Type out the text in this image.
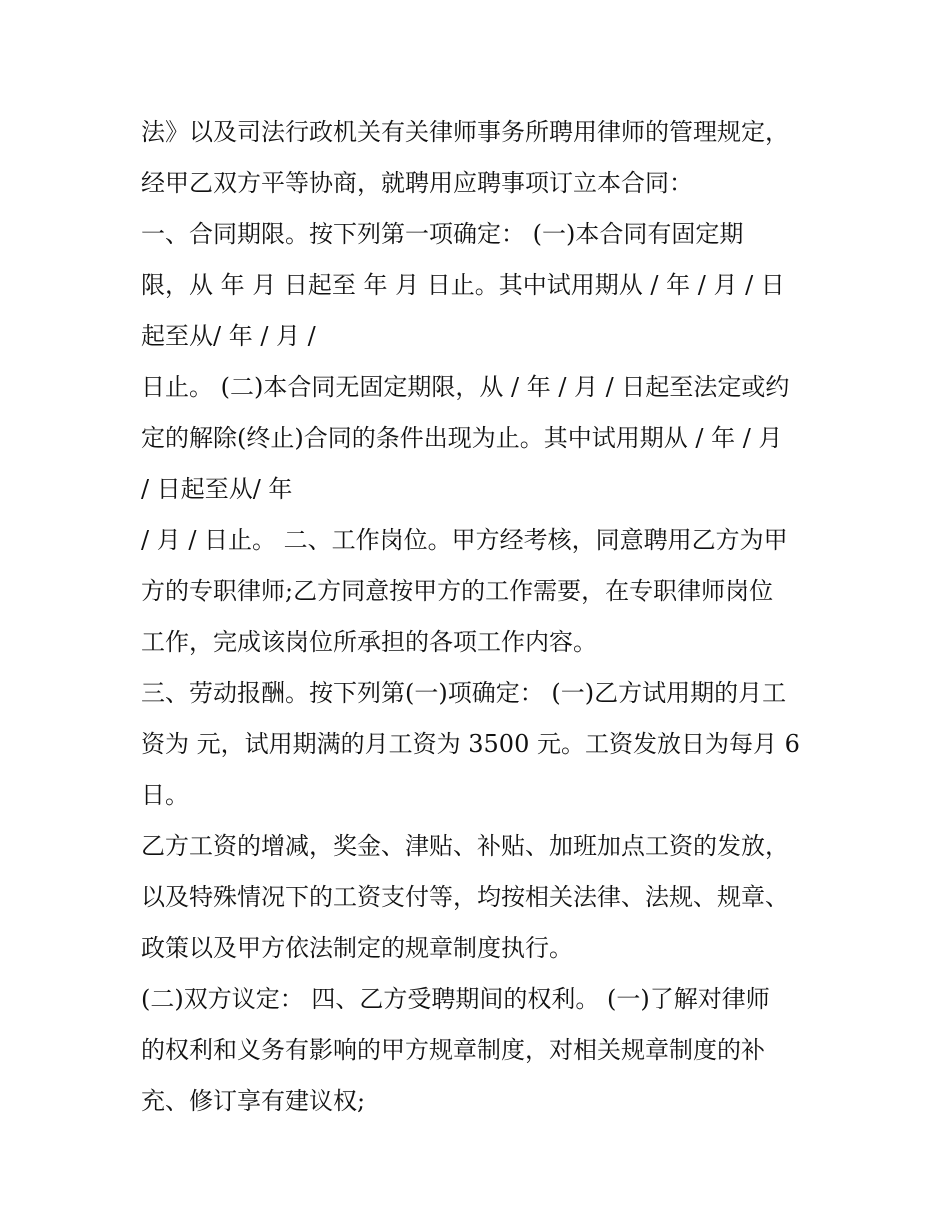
法》以及司法行政机关有关律师事务所聘用律师的管理规定，

经甲乙双方平等协商，就聘用应聘事项订立本合同：

一、合同期限。按下列第一项确定： (一)本合同有固定期

限，从 年 月 日起至 年 月 日止。其中试用期从 / 年 / 月 / 日

起至从/ 年 / 月 /

日止。 (二)本合同无固定期限，从 / 年 / 月 / 日起至法定或约

定的解除(终止)合同的条件出现为止。其中试用期从 / 年 / 月

/ 日起至从/ 年

/ 月 / 日止。 二、工作岗位。甲方经考核，同意聘用乙方为甲

方的专职律师;乙方同意按甲方的工作需要，在专职律师岗位

工作，完成该岗位所承担的各项工作内容。

三、劳动报酬。按下列第(一)项确定： (一)乙方试用期的月工

资为 元，试用期满的月工资为 3500 元。工资发放日为每月 6

日。

乙方工资的增减，奖金、津贴、补贴、加班加点工资的发放，

以及特殊情况下的工资支付等，均按相关法律、法规、规章、

政策以及甲方依法制定的规章制度执行。

(二)双方议定： 四、乙方受聘期间的权利。 (一)了解对律师

的权利和义务有影响的甲方规章制度，对相关规章制度的补

充、修订享有建议权;
